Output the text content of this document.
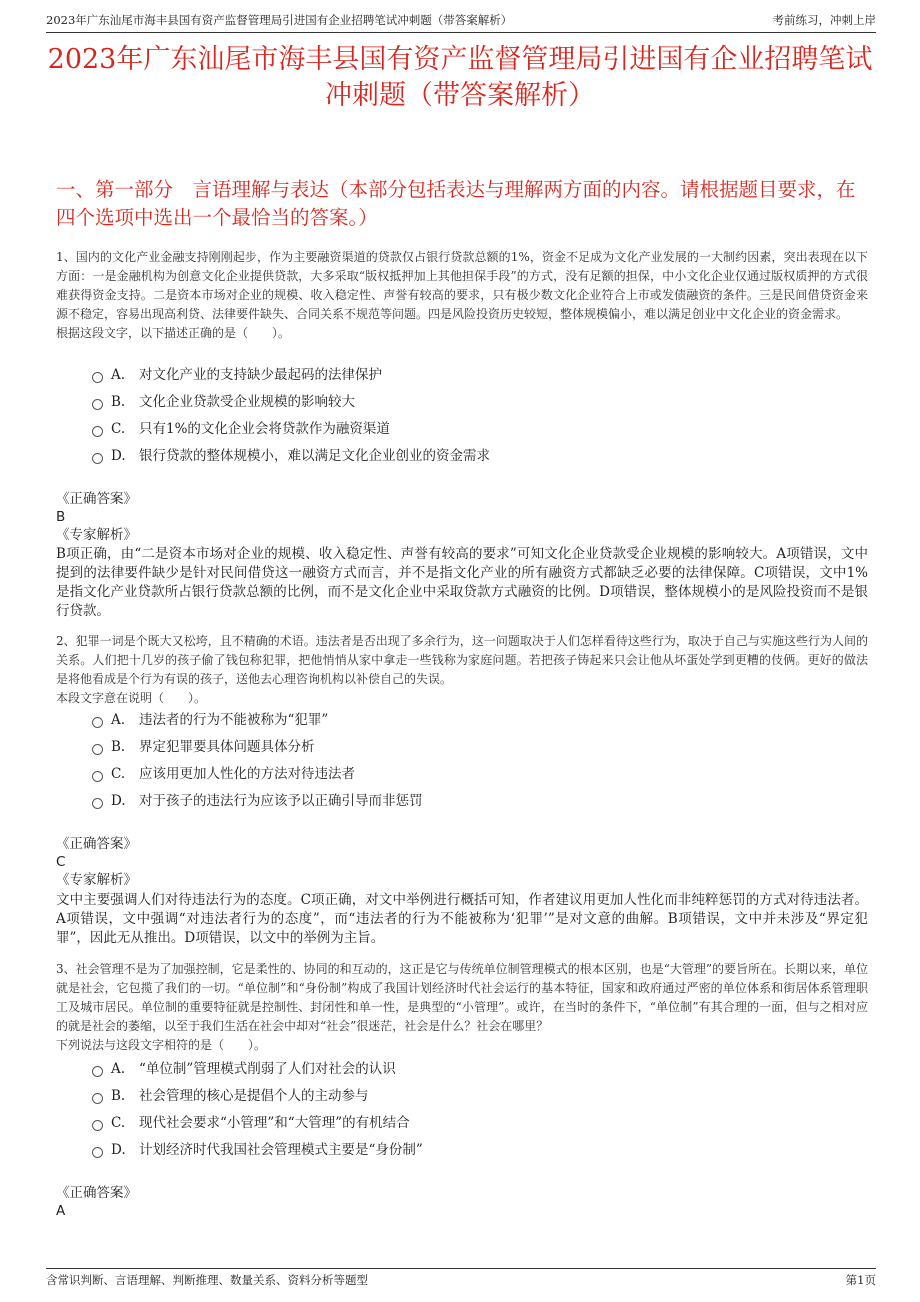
2023年广东汕尾市海丰县国有资产监督管理局引进国有企业招聘笔试冲刺题（带答案解析）	考前练习，冲刺上岸
2023年广东汕尾市海丰县国有资产监督管理局引进国有企业招聘笔试冲刺题（带答案解析）
一、第一部分　言语理解与表达（本部分包括表达与理解两方面的内容。请根据题目要求，在四个选项中选出一个最恰当的答案。）

1、国内的文化产业金融支持刚刚起步，作为主要融资渠道的贷款仅占银行贷款总额的1%，资金不足成为文化产业发展的一大制约因素，突出表现在以下方面：一是金融机构为创意文化企业提供贷款，大多采取“版权抵押加上其他担保手段”的方式，没有足额的担保，中小文化企业仅通过版权质押的方式很难获得资金支持。二是资本市场对企业的规模、收入稳定性、声誉有较高的要求，只有极少数文化企业符合上市或发债融资的条件。三是民间借贷资金来源不稳定，容易出现高利贷、法律要件缺失、合同关系不规范等问题。四是风险投资历史较短，整体规模偏小，难以满足创业中文化企业的资金需求。

根据这段文字，以下描述正确的是（　　）。

A. 对文化产业的支持缺少最起码的法律保护
B. 文化企业贷款受企业规模的影响较大
C. 只有1%的文化企业会将贷款作为融资渠道
D. 银行贷款的整体规模小，难以满足文化企业创业的资金需求
《正确答案》
B
《专家解析》
B项正确，由“二是资本市场对企业的规模、收入稳定性、声誉有较高的要求”可知文化企业贷款受企业规模的影响较大。A项错误，文中提到的法律要件缺少是针对民间借贷这一融资方式而言，并不是指文化产业的所有融资方式都缺乏必要的法律保障。C项错误，文中1%是指文化产业贷款所占银行贷款总额的比例，而不是文化企业中采取贷款方式融资的比例。D项错误，整体规模小的是风险投资而不是银行贷款。

2、犯罪一词是个既大又松垮，且不精确的术语。违法者是否出现了多余行为，这一问题取决于人们怎样看待这些行为，取决于自己与实施这些行为人间的关系。人们把十几岁的孩子偷了钱包称犯罪，把他悄悄从家中拿走一些钱称为家庭问题。若把孩子铸起来只会让他从坏蛋处学到更糟的伎俩。更好的做法是将他看成是个行为有误的孩子，送他去心理咨询机构以补偿自己的失误。

本段文字意在说明（　　）。

A. 违法者的行为不能被称为“犯罪”
B. 界定犯罪要具体问题具体分析
C. 应该用更加人性化的方法对待违法者
D. 对于孩子的违法行为应该予以正确引导而非惩罚
《正确答案》
C
《专家解析》
文中主要强调人们对待违法行为的态度。C项正确，对文中举例进行概括可知，作者建议用更加人性化而非纯粹惩罚的方式对待违法者。A项错误，文中强调“对违法者行为的态度”，而“违法者的行为不能被称为‘犯罪’”是对文意的曲解。B项错误，文中并未涉及“界定犯罪”，因此无从推出。D项错误，以文中的举例为主旨。

3、社会管理不是为了加强控制，它是柔性的、协同的和互动的，这正是它与传统单位制管理模式的根本区别，也是“大管理”的要旨所在。长期以来，单位就是社会，它包揽了我们的一切。“单位制”和“身份制”构成了我国计划经济时代社会运行的基本特征，国家和政府通过严密的单位体系和街居体系管理职工及城市居民。单位制的重要特征就是控制性、封闭性和单一性，是典型的“小管理”。或许，在当时的条件下，“单位制”有其合理的一面，但与之相对应的就是社会的萎缩，以至于我们生活在社会中却对“社会”很迷茫，社会是什么？社会在哪里？

下列说法与这段文字相符的是（　　）。

A. “单位制”管理模式削弱了人们对社会的认识
B. 社会管理的核心是提倡个人的主动参与
C. 现代社会要求“小管理”和“大管理”的有机结合
D. 计划经济时代我国社会管理模式主要是“身份制”
《正确答案》
A
含常识判断、言语理解、判断推理、数量关系、资料分析等题型	第1页
